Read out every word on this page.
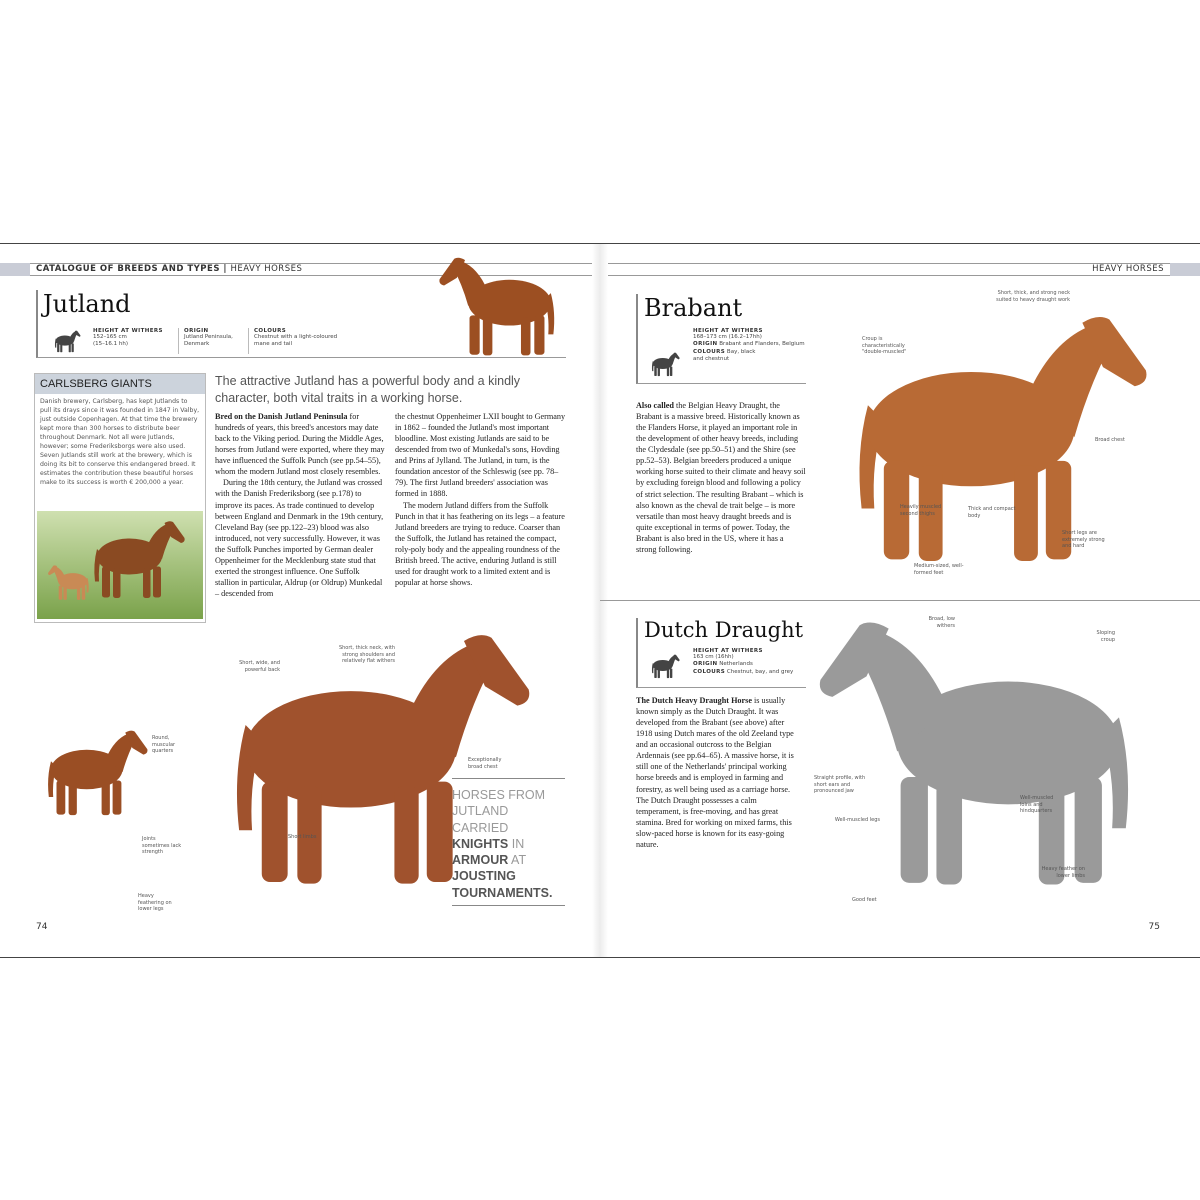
CATALOGUE OF BREEDS AND TYPES | HEAVY HORSES	HEAVY HORSES
74	75
Jutland
HEIGHT AT WITHERS
152–165 cm
(15–16.1 hh)
ORIGIN
Jutland Peninsula,
Denmark
COLOURS
Chestnut with a light-coloured
mane and tail
CARLSBERG GIANTS

Danish brewery, Carlsberg, has kept Jutlands to pull its drays since it was founded in 1847 in Valby, just outside Copenhagen. At that time the brewery kept more than 300 horses to distribute beer throughout Denmark. Not all were Jutlands, however; some Frederiksborgs were also used. Seven Jutlands still work at the brewery, which is doing its bit to conserve this endangered breed. It estimates the contribution these beautiful horses make to its success is worth € 200,000 a year.

The attractive Jutland has a powerful body and a kindly character, both vital traits in a working horse.

Bred on the Danish Jutland Peninsula for hundreds of years, this breed's ancestors may date back to the Viking period. During the Middle Ages, horses from Jutland were exported, where they may have influenced the Suffolk Punch (see pp.54–55), whom the modern Jutland most closely resembles.

During the 18th century, the Jutland was crossed with the Danish Frederiksborg (see p.178) to improve its paces. As trade continued to develop between England and Denmark in the 19th century, Cleveland Bay (see pp.122–23) blood was also introduced, not very successfully. However, it was the Suffolk Punches imported by German dealer Oppenheimer for the Mecklenburg state stud that exerted the strongest influence. One Suffolk stallion in particular, Aldrup (or Oldrup) Munkedal – descended from

the chestnut Oppenheimer LXII bought to Germany in 1862 – founded the Jutland's most important bloodline. Most existing Jutlands are said to be descended from two of Munkedal's sons, Hovding and Prins af Jylland. The Jutland, in turn, is the foundation ancestor of the Schleswig (see pp. 78–79). The first Jutland breeders' association was formed in 1888.

The modern Jutland differs from the Suffolk Punch in that it has feathering on its legs – a feature Jutland breeders are trying to reduce. Coarser than the Suffolk, the Jutland has retained the compact, roly-poly body and the appealing roundness of the British breed. The active, enduring Jutland is still used for draught work to a limited extent and is popular at horse shows.

Round, muscular quarters
Joints sometimes lack strength
Heavy feathering on lower legs
Short, wide, and powerful back
Short, thick neck, with strong shoulders and relatively flat withers
Exceptionally broad chest
Short limbs
HORSES FROM JUTLAND CARRIED KNIGHTS IN ARMOUR AT JOUSTING TOURNAMENTS.
Brabant
HEIGHT AT WITHERS
168–173 cm (16.2–17hh)
ORIGIN Brabant and Flanders, Belgium
COLOURS Bay, black and chestnut
Also called the Belgian Heavy Draught, the Brabant is a massive breed. Historically known as the Flanders Horse, it played an important role in the development of other heavy breeds, including the Clydesdale (see pp.50–51) and the Shire (see pp.52–53). Belgian breeders produced a unique working horse suited to their climate and heavy soil by excluding foreign blood and following a policy of strict selection. The resulting Brabant – which is also known as the cheval de trait belge – is more versatile than most heavy draught breeds and is quite exceptional in terms of power. Today, the Brabant is also bred in the US, where it has a strong following.
Short, thick, and strong neck suited to heavy draught work
Croup is characteristically "double-muscled"
Broad chest
Heavily muscled second thighs
Thick and compact body
Short legs are extremely strong and hard
Medium-sized, well-formed feet
Dutch Draught
HEIGHT AT WITHERS
163 cm (16hh)
ORIGIN Netherlands
COLOURS Chestnut, bay, and grey
The Dutch Heavy Draught Horse is usually known simply as the Dutch Draught. It was developed from the Brabant (see above) after 1918 using Dutch mares of the old Zeeland type and an occasional outcross to the Belgian Ardennais (see pp.64–65). A massive horse, it is still one of the Netherlands' principal working horse breeds and is employed in farming and forestry, as well being used as a carriage horse. The Dutch Draught possesses a calm temperament, is free-moving, and has great stamina. Bred for working on mixed farms, this slow-paced horse is known for its easy-going nature.
Broad, low withers
Sloping croup
Straight profile, with short ears and pronounced jaw
Well-muscled legs
Well-muscled loins and hindquarters
Heavy feather on lower limbs
Good feet
